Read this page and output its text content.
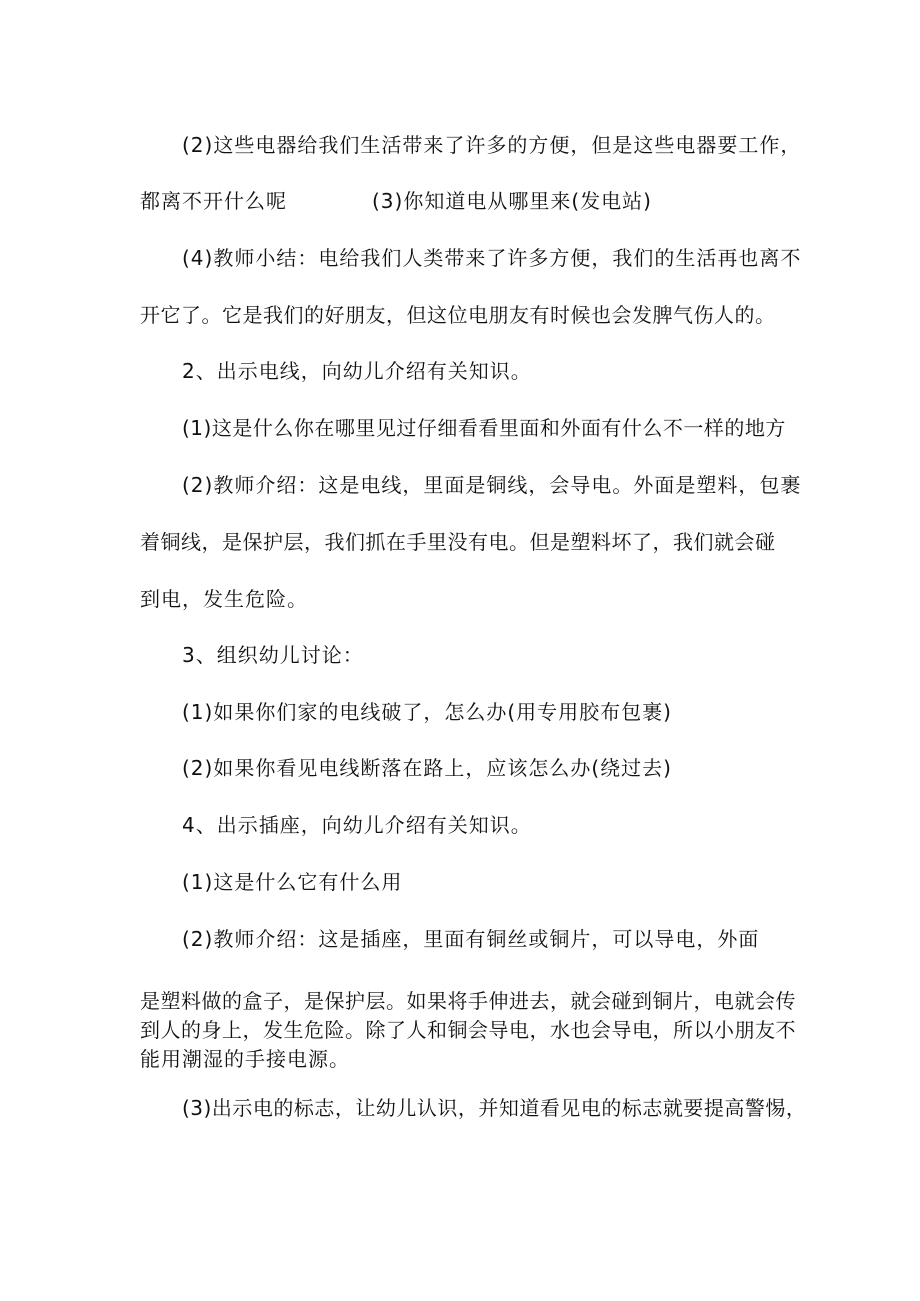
(2)这些电器给我们生活带来了许多的方便，但是这些电器要工作，
都离不开什么呢	(3)你知道电从哪里来(发电站)
(4)教师小结：电给我们人类带来了许多方便，我们的生活再也离不
开它了。它是我们的好朋友，但这位电朋友有时候也会发脾气伤人的。
2、出示电线，向幼儿介绍有关知识。
(1)这是什么你在哪里见过仔细看看里面和外面有什么不一样的地方
(2)教师介绍：这是电线，里面是铜线，会导电。外面是塑料，包裹
着铜线，是保护层，我们抓在手里没有电。但是塑料坏了，我们就会碰
到电，发生危险。
3、组织幼儿讨论：
(1)如果你们家的电线破了，怎么办(用专用胶布包裹)
(2)如果你看见电线断落在路上，应该怎么办(绕过去)
4、出示插座，向幼儿介绍有关知识。
(1)这是什么它有什么用
(2)教师介绍：这是插座，里面有铜丝或铜片，可以导电，外面
是塑料做的盒子，是保护层。如果将手伸进去，就会碰到铜片，电就会传
到人的身上，发生危险。除了人和铜会导电，水也会导电，所以小朋友不
能用潮湿的手接电源。
(3)出示电的标志，让幼儿认识，并知道看见电的标志就要提高警惕，
